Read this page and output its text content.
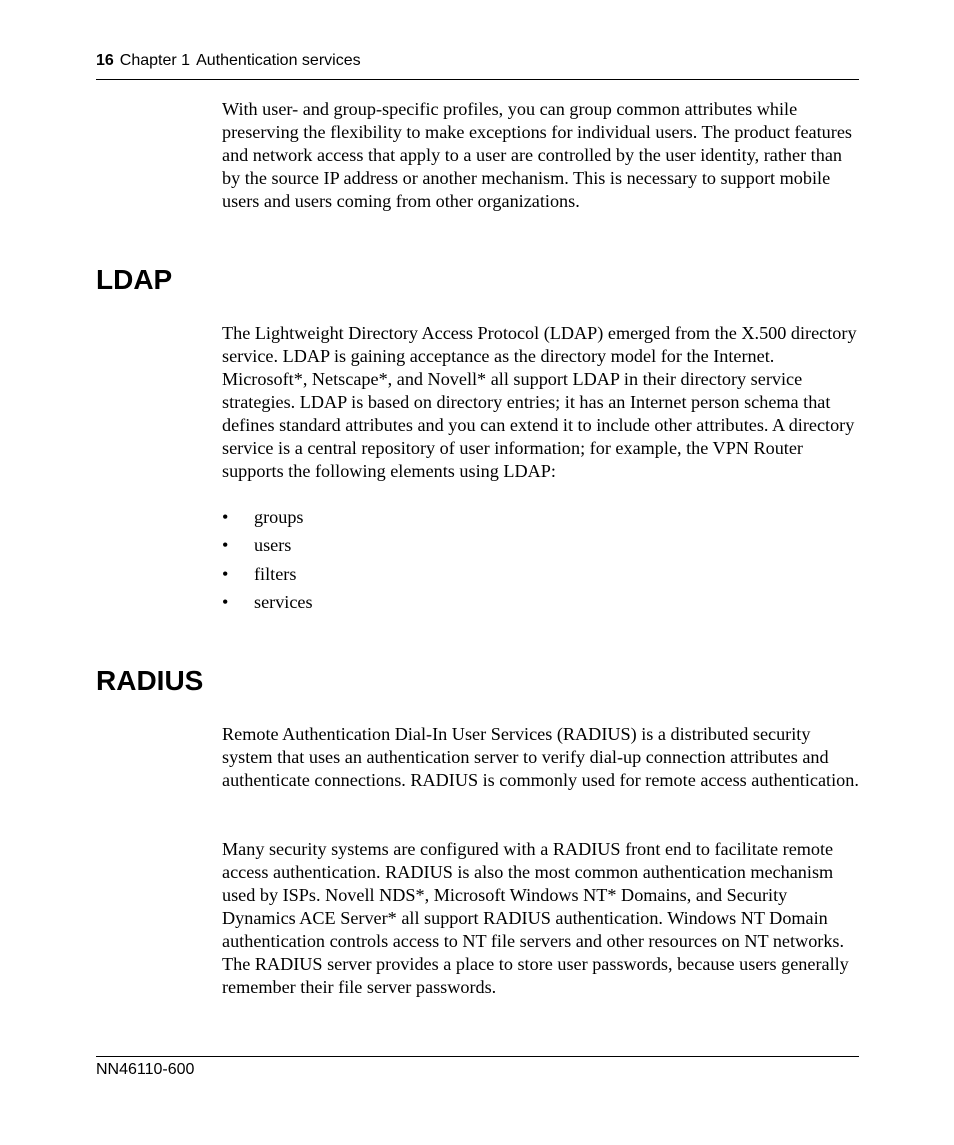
16 Chapter 1 Authentication services

With user- and group-specific profiles, you can group common attributes while preserving the flexibility to make exceptions for individual users. The product features and network access that apply to a user are controlled by the user identity, rather than by the source IP address or another mechanism. This is necessary to support mobile users and users coming from other organizations.

LDAP

The Lightweight Directory Access Protocol (LDAP) emerged from the X.500 directory service. LDAP is gaining acceptance as the directory model for the Internet. Microsoft*, Netscape*, and Novell* all support LDAP in their directory service strategies. LDAP is based on directory entries; it has an Internet person schema that defines standard attributes and you can extend it to include other attributes. A directory service is a central repository of user information; for example, the VPN Router supports the following elements using LDAP:

• groups
• users
• filters
• services
RADIUS

Remote Authentication Dial-In User Services (RADIUS) is a distributed security system that uses an authentication server to verify dial-up connection attributes and authenticate connections. RADIUS is commonly used for remote access authentication.

Many security systems are configured with a RADIUS front end to facilitate remote access authentication. RADIUS is also the most common authentication mechanism used by ISPs. Novell NDS*, Microsoft Windows NT* Domains, and Security Dynamics ACE Server* all support RADIUS authentication. Windows NT Domain authentication controls access to NT file servers and other resources on NT networks. The RADIUS server provides a place to store user passwords, because users generally remember their file server passwords.

NN46110-600
